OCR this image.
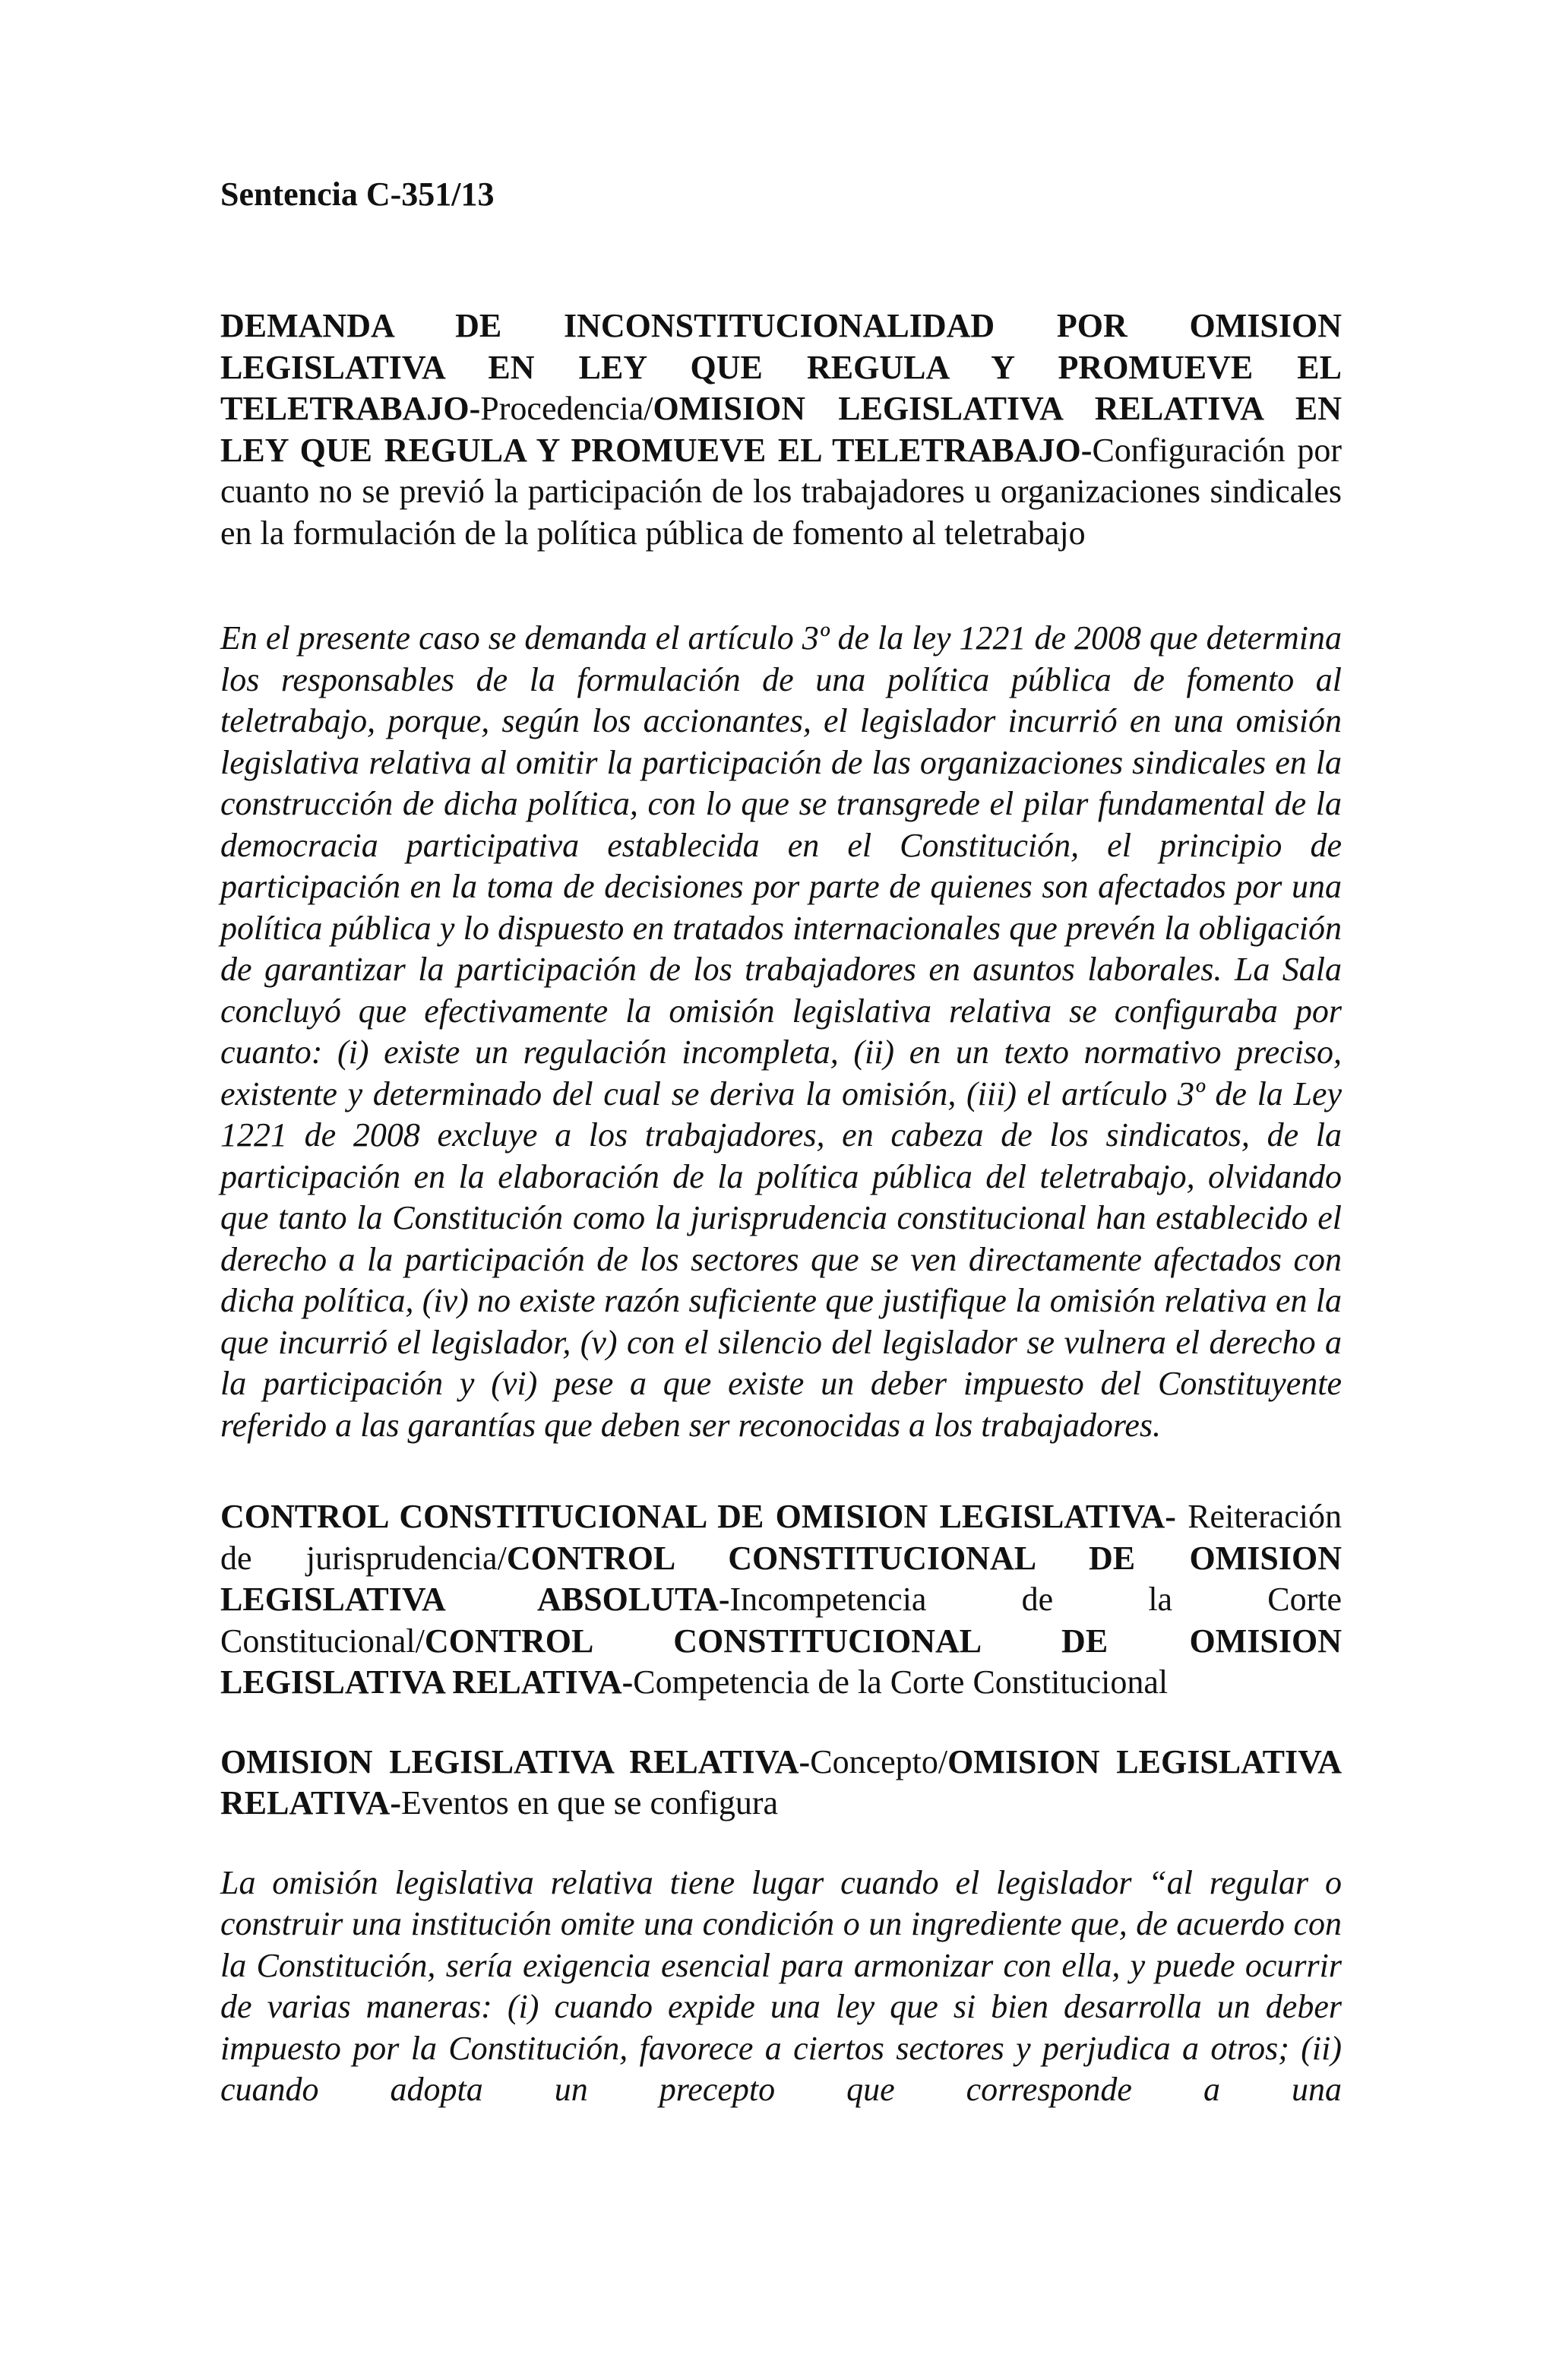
Sentencia C-351/13

DEMANDA DE INCONSTITUCIONALIDAD POR OMISION LEGISLATIVA EN LEY QUE REGULA Y PROMUEVE EL TELETRABAJO-Procedencia/OMISION LEGISLATIVA RELATIVA EN LEY QUE REGULA Y PROMUEVE EL TELETRABAJO-Configuración por cuanto no se previó la participación de los trabajadores u organizaciones sindicales en la formulación de la política pública de fomento al teletrabajo

En el presente caso se demanda el artículo 3º de la ley 1221 de 2008 que determina los responsables de la formulación de una política pública de fomento al teletrabajo, porque, según los accionantes, el legislador incurrió en una omisión legislativa relativa al omitir la participación de las organizaciones sindicales en la construcción de dicha política, con lo que se transgrede el pilar fundamental de la democracia participativa establecida en el Constitución, el principio de participación en la toma de decisiones por parte de quienes son afectados por una política pública y lo dispuesto en tratados internacionales que prevén la obligación de garantizar la participación de los trabajadores en asuntos laborales. La Sala concluyó que efectivamente la omisión legislativa relativa se configuraba por cuanto: (i) existe un regulación incompleta, (ii) en un texto normativo preciso, existente y determinado del cual se deriva la omisión, (iii) el artículo 3º de la Ley 1221 de 2008 excluye a los trabajadores, en cabeza de los sindicatos, de la participación en la elaboración de la política pública del teletrabajo, olvidando que tanto la Constitución como la jurisprudencia constitucional han establecido el derecho a la participación de los sectores que se ven directamente afectados con dicha política, (iv) no existe razón suficiente que justifique la omisión relativa en la que incurrió el legislador, (v) con el silencio del legislador se vulnera el derecho a la participación y (vi) pese a que existe un deber impuesto del Constituyente referido a las garantías que deben ser reconocidas a los trabajadores.

CONTROL CONSTITUCIONAL DE OMISION LEGISLATIVA- Reiteración de jurisprudencia/CONTROL CONSTITUCIONAL DE OMISION LEGISLATIVA ABSOLUTA-Incompetencia de la Corte Constitucional/CONTROL CONSTITUCIONAL DE OMISION LEGISLATIVA RELATIVA-Competencia de la Corte Constitucional

OMISION LEGISLATIVA RELATIVA-Concepto/OMISION LEGISLATIVA RELATIVA-Eventos en que se configura

La omisión legislativa relativa tiene lugar cuando el legislador “al regular o construir una institución omite una condición o un ingrediente que, de acuerdo con la Constitución, sería exigencia esencial para armonizar con ella, y puede ocurrir de varias maneras: (i) cuando expide una ley que si bien desarrolla un deber impuesto por la Constitución, favorece a ciertos sectores y perjudica a otros; (ii) cuando adopta un precepto que corresponde a una
